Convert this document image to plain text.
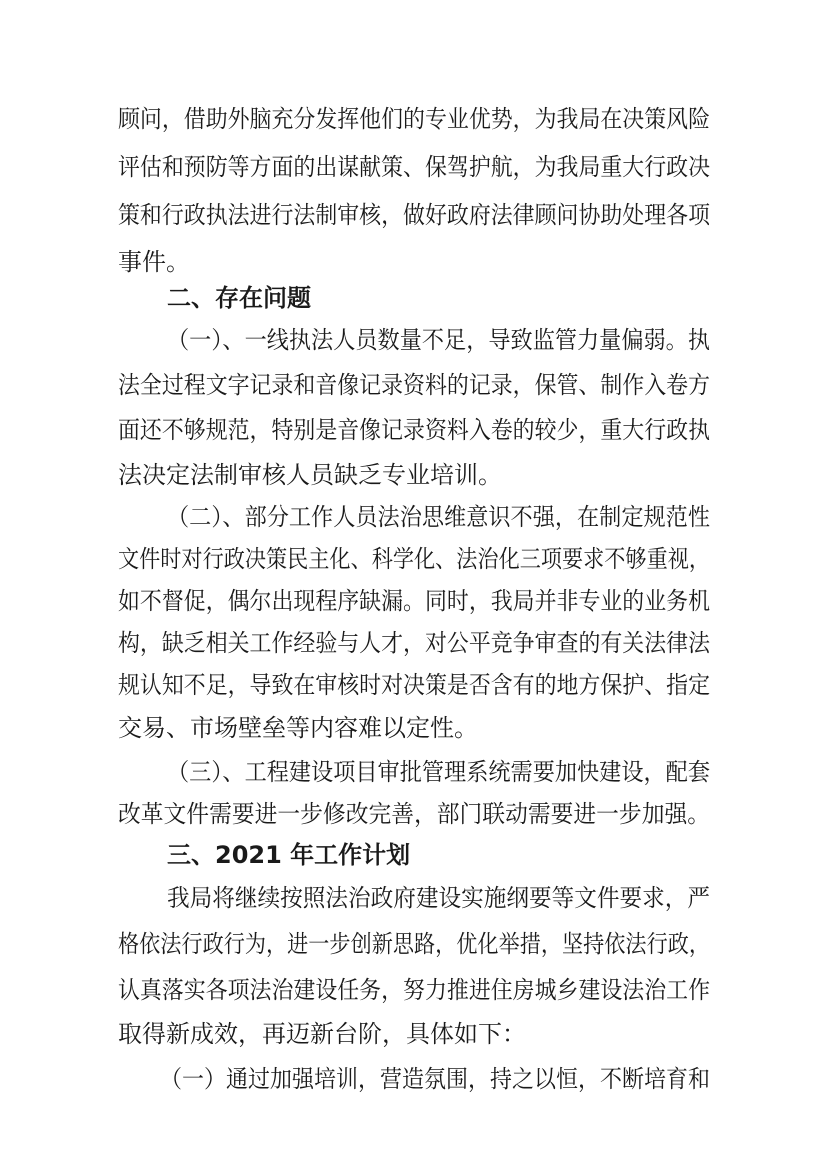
顾问，借助外脑充分发挥他们的专业优势，为我局在决策风险
评估和预防等方面的出谋献策、保驾护航，为我局重大行政决
策和行政执法进行法制审核，做好政府法律顾问协助处理各项
事件。
二、存在问题
（一）、一线执法人员数量不足，导致监管力量偏弱。执
法全过程文字记录和音像记录资料的记录，保管、制作入卷方
面还不够规范，特别是音像记录资料入卷的较少，重大行政执
法决定法制审核人员缺乏专业培训。
（二）、部分工作人员法治思维意识不强，在制定规范性
文件时对行政决策民主化、科学化、法治化三项要求不够重视，
如不督促，偶尔出现程序缺漏。同时，我局并非专业的业务机
构，缺乏相关工作经验与人才，对公平竞争审查的有关法律法
规认知不足，导致在审核时对决策是否含有的地方保护、指定
交易、市场壁垒等内容难以定性。
（三）、工程建设项目审批管理系统需要加快建设，配套
改革文件需要进一步修改完善，部门联动需要进一步加强。
三、2021 年工作计划
我局将继续按照法治政府建设实施纲要等文件要求，严
格依法行政行为，进一步创新思路，优化举措，坚持依法行政，
认真落实各项法治建设任务，努力推进住房城乡建设法治工作
取得新成效，再迈新台阶，具体如下：
（一）通过加强培训，营造氛围，持之以恒，不断培育和
